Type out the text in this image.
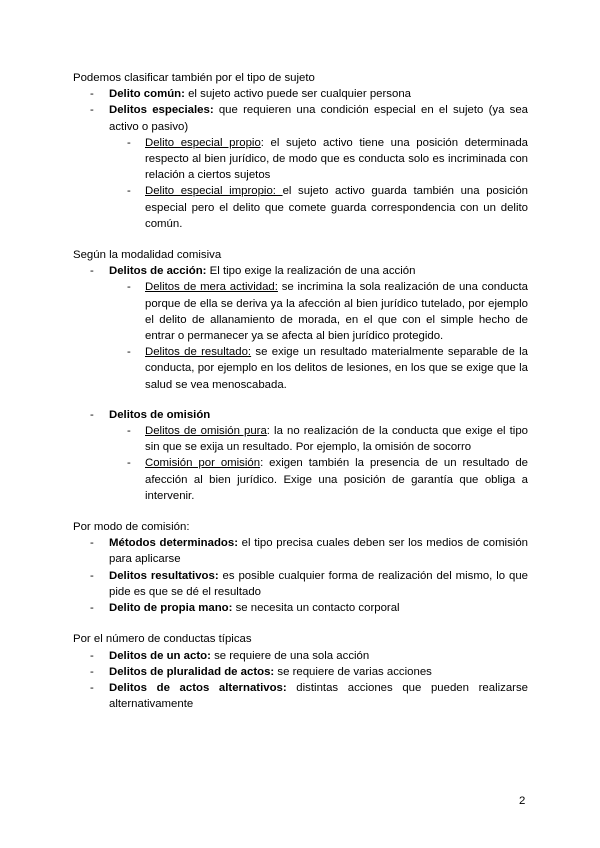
Podemos clasificar también por el tipo de sujeto
- Delito común: el sujeto activo puede ser cualquier persona
- Delitos especiales: que requieren una condición especial en el sujeto (ya sea activo o pasivo)
- Delito especial propio: el sujeto activo tiene una posición determinada respecto al bien jurídico, de modo que es conducta solo es incriminada con relación a ciertos sujetos
- Delito especial impropio: el sujeto activo guarda también una posición especial pero el delito que comete guarda correspondencia con un delito común.
Según la modalidad comisiva
- Delitos de acción: El tipo exige la realización de una acción
- Delitos de mera actividad: se incrimina la sola realización de una conducta porque de ella se deriva ya la afección al bien jurídico tutelado, por ejemplo el delito de allanamiento de morada, en el que con el simple hecho de entrar o permanecer ya se afecta al bien jurídico protegido.
- Delitos de resultado: se exige un resultado materialmente separable de la conducta, por ejemplo en los delitos de lesiones, en los que se exige que la salud se vea menoscabada.
- Delitos de omisión
- Delitos de omisión pura: la no realización de la conducta que exige el tipo sin que se exija un resultado. Por ejemplo, la omisión de socorro
- Comisión por omisión: exigen también la presencia de un resultado de afección al bien jurídico. Exige una posición de garantía que obliga a intervenir.
Por modo de comisión:
- Métodos determinados: el tipo precisa cuales deben ser los medios de comisión para aplicarse
- Delitos resultativos: es posible cualquier forma de realización del mismo, lo que pide es que se dé el resultado
- Delito de propia mano: se necesita un contacto corporal
Por el número de conductas típicas
- Delitos de un acto: se requiere de una sola acción
- Delitos de pluralidad de actos: se requiere de varias acciones
- Delitos de actos alternativos: distintas acciones que pueden realizarse alternativamente
2
